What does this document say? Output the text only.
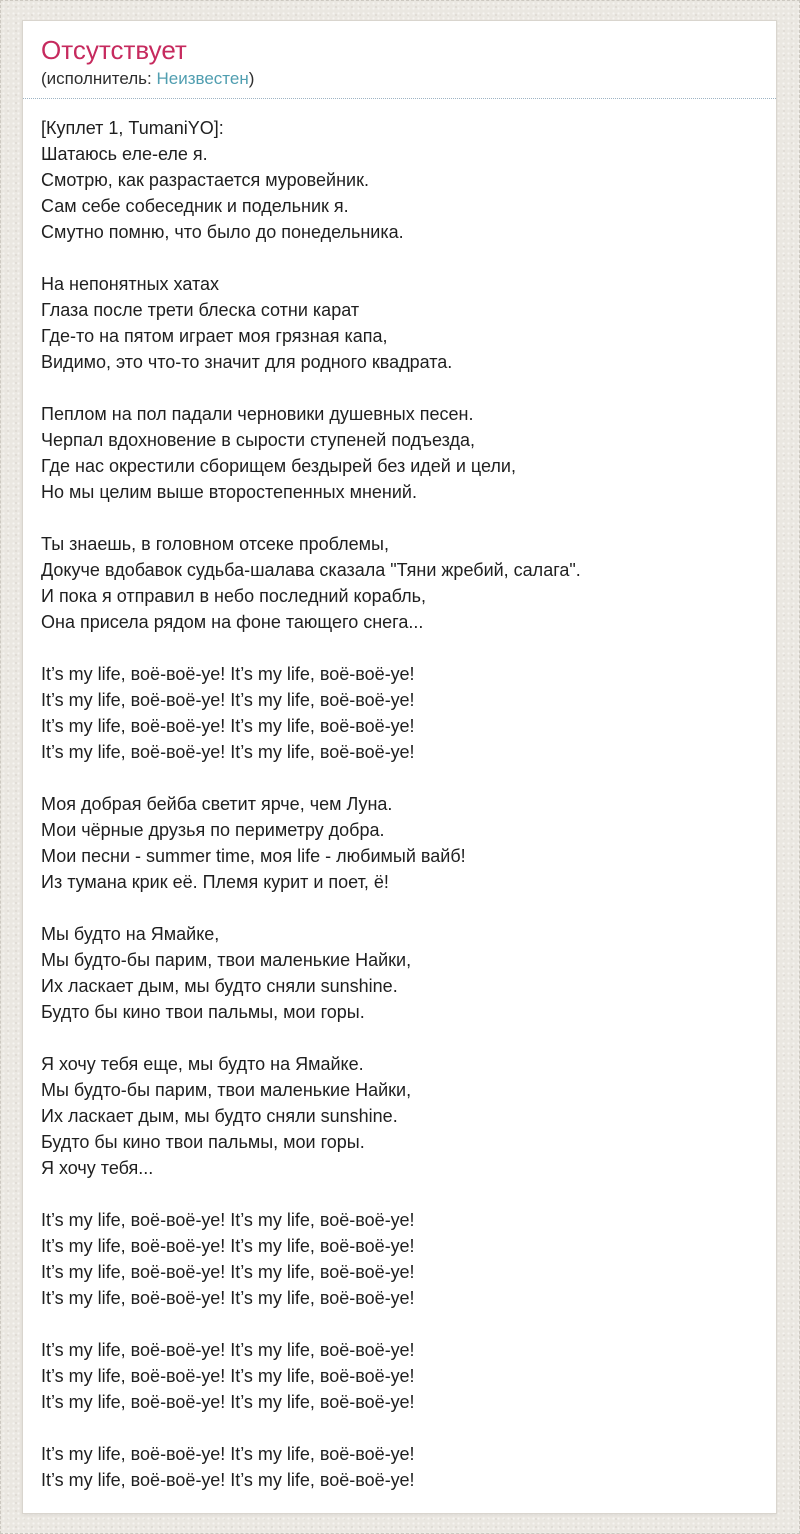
Отсутствует
(исполнитель: Неизвестен)

[Куплет 1, TumaniYO]:
Шатаюсь еле-еле я.
Смотрю, как разрастается муровейник.
Сам себе собеседник и подельник я.
Смутно помню, что было до понедельника.

На непонятных хатах
Глаза после трети блеска сотни карат
Где-то на пятом играет моя грязная капа,
Видимо, это что-то значит для родного квадрата.

Пеплом на пол падали черновики душевных песен.
Черпал вдохновение в сырости ступеней подъезда,
Где нас окрестили сборищем бездырей без идей и цели,
Но мы целим выше второстепенных мнений.

Ты знаешь, в головном отсеке проблемы,
Докуче вдобавок судьба-шалава сказала "Тяни жребий, салага".
И пока я отправил в небо последний корабль,
Она присела рядом на фоне тающего снега...

It’s my life, воё-воё-уе! It’s my life, воё-воё-уе!
It’s my life, воё-воё-уе! It’s my life, воё-воё-уе!
It’s my life, воё-воё-уе! It’s my life, воё-воё-уе!
It’s my life, воё-воё-уе! It’s my life, воё-воё-уе!

Моя добрая бейба светит ярче, чем Луна.
Мои чёрные друзья по периметру добра.
Мои песни - summer time, моя life - любимый вайб!
Из тумана крик её. Племя курит и поет, ё!

Мы будто на Ямайке,
Мы будто-бы парим, твои маленькие Найки,
Их ласкает дым, мы будто сняли sunshine.
Будто бы кино твои пальмы, мои горы.

Я хочу тебя еще, мы будто на Ямайке.
Мы будто-бы парим, твои маленькие Найки,
Их ласкает дым, мы будто сняли sunshine.
Будто бы кино твои пальмы, мои горы.
Я хочу тебя...

It’s my life, воё-воё-уе! It’s my life, воё-воё-уе!
It’s my life, воё-воё-уе! It’s my life, воё-воё-уе!
It’s my life, воё-воё-уе! It’s my life, воё-воё-уе!
It’s my life, воё-воё-уе! It’s my life, воё-воё-уе!

It’s my life, воё-воё-уе! It’s my life, воё-воё-уе!
It’s my life, воё-воё-уе! It’s my life, воё-воё-уе!
It’s my life, воё-воё-уе! It’s my life, воё-воё-уе!

It’s my life, воё-воё-уе! It’s my life, воё-воё-уе!
It’s my life, воё-воё-уе! It’s my life, воё-воё-уе!
